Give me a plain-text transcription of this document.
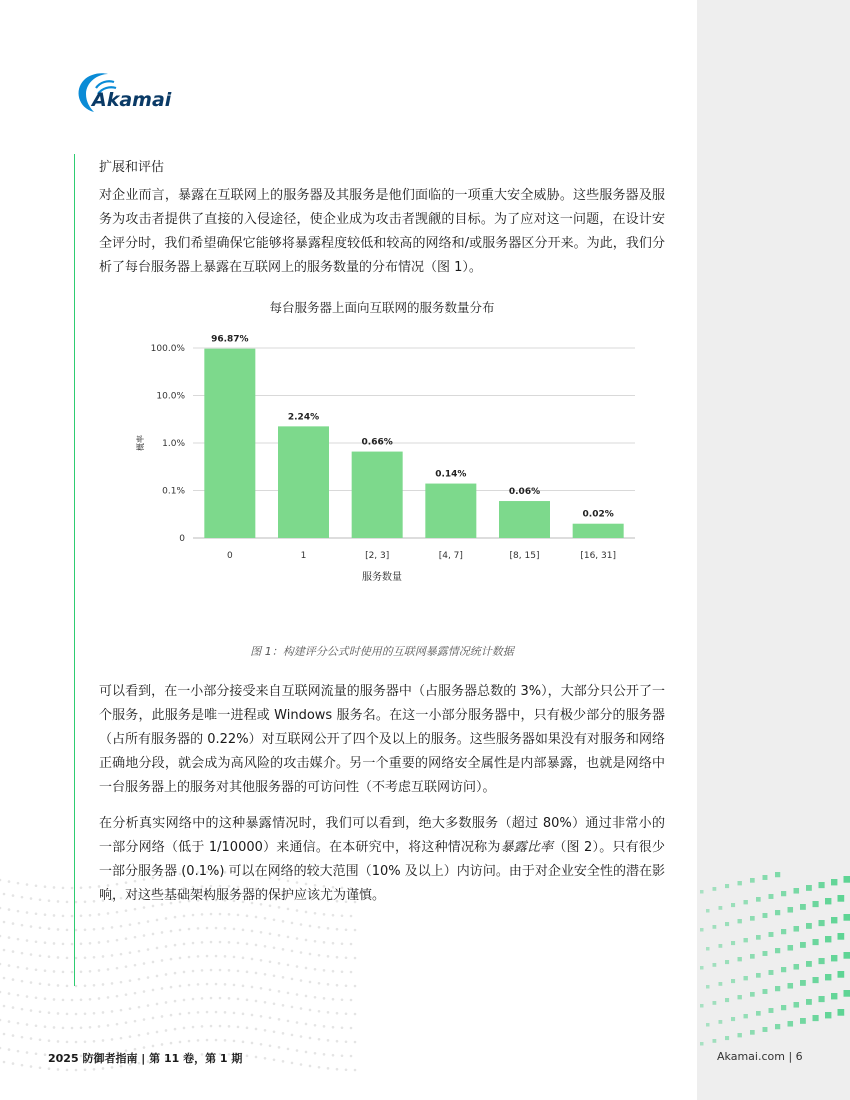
Akamai
扩展和评估

对企业而言，暴露在互联网上的服务器及其服务是他们面临的一项重大安全威胁。这些服务器及服务为攻击者提供了直接的入侵途径，使企业成为攻击者觊觎的目标。为了应对这一问题，在设计安全评分时，我们希望确保它能够将暴露程度较低和较高的网络和/或服务器区分开来。为此，我们分析了每台服务器上暴露在互联网上的服务数量的分布情况（图 1）。

每台服务器上面向互联网的服务数量分布
0
0.1%
1.0%
10.0%
100.0%
96.87%
0
2.24%
1
0.66%
[2, 3]
0.14%
[4, 7]
0.06%
[8, 15]
0.02%
[16, 31]
服务数量
概率

图 1：构建评分公式时使用的互联网暴露情况统计数据

可以看到，在一小部分接受来自互联网流量的服务器中（占服务器总数的 3%），大部分只公开了一个服务，此服务是唯一进程或 Windows 服务名。在这一小部分服务器中，只有极少部分的服务器（占所有服务器的 0.22%）对互联网公开了四个及以上的服务。这些服务器如果没有对服务和网络正确地分段，就会成为高风险的攻击媒介。另一个重要的网络安全属性是内部暴露，也就是网络中一台服务器上的服务对其他服务器的可访问性（不考虑互联网访问）。

在分析真实网络中的这种暴露情况时，我们可以看到，绝大多数服务（超过 80%）通过非常小的一部分网络（低于 1/10000）来通信。在本研究中，将这种情况称为暴露比率（图 2）。只有很少一部分服务器 (0.1%) 可以在网络的较大范围（10% 及以上）内访问。由于对企业安全性的潜在影响，对这些基础架构服务器的保护应该尤为谨慎。

2025 防御者指南 | 第 11 卷，第 1 期	Akamai.com | 6
